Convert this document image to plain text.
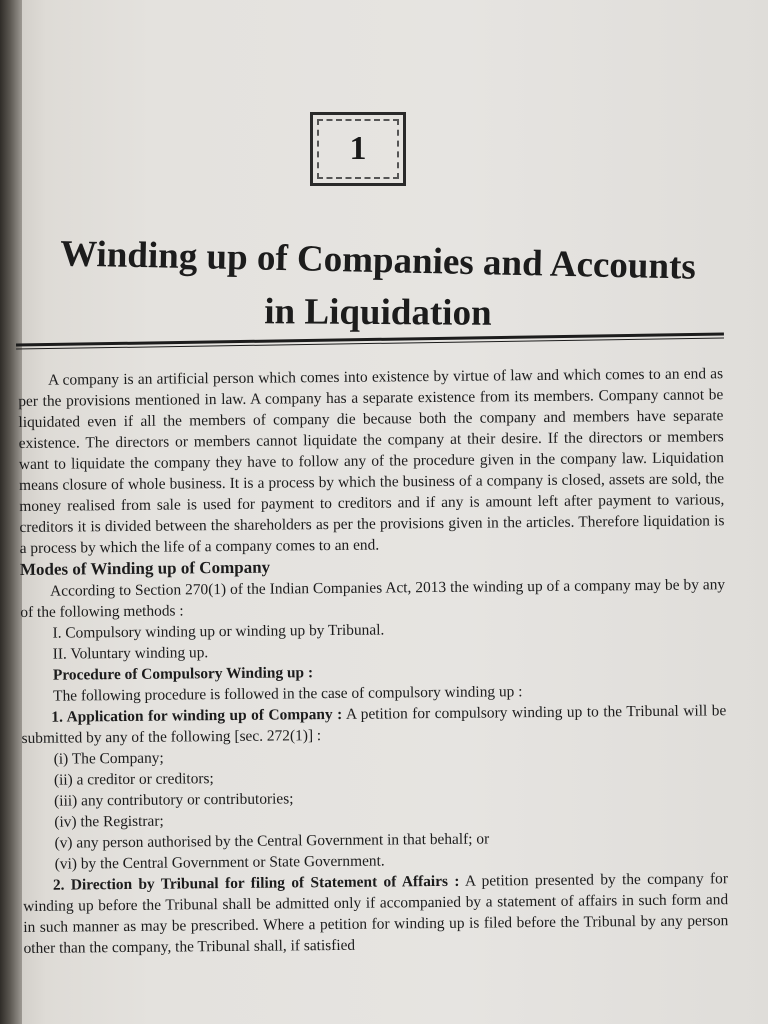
1
Winding up of Companies and Accounts
in Liquidation

A company is an artificial person which comes into existence by virtue of law and which comes to an end as per the provisions mentioned in law. A company has a separate existence from its members. Company cannot be liquidated even if all the members of company die because both the company and members have separate existence. The directors or members cannot liquidate the company at their desire. If the directors or members want to liquidate the company they have to follow any of the procedure given in the company law. Liquidation means closure of whole business. It is a process by which the business of a company is closed, assets are sold, the money realised from sale is used for payment to creditors and if any is amount left after payment to various, creditors it is divided between the shareholders as per the provisions given in the articles. Therefore liquidation is a process by which the life of a company comes to an end.

Modes of Winding up of Company

According to Section 270(1) of the Indian Companies Act, 2013 the winding up of a company may be by any of the following methods :

I. Compulsory winding up or winding up by Tribunal.

II. Voluntary winding up.

Procedure of Compulsory Winding up :

The following procedure is followed in the case of compulsory winding up :

1. Application for winding up of Company : A petition for compulsory winding up to the Tribunal will be submitted by any of the following [sec. 272(1)] :

(i) The Company;

(ii) a creditor or creditors;

(iii) any contributory or contributories;

(iv) the Registrar;

(v) any person authorised by the Central Government in that behalf; or

(vi) by the Central Government or State Government.

2. Direction by Tribunal for filing of Statement of Affairs : A petition presented by the company for winding up before the Tribunal shall be admitted only if accompanied by a statement of affairs in such form and in such manner as may be prescribed. Where a petition for winding up is filed before the Tribunal by any person other than the company, the Tribunal shall, if satisfied
